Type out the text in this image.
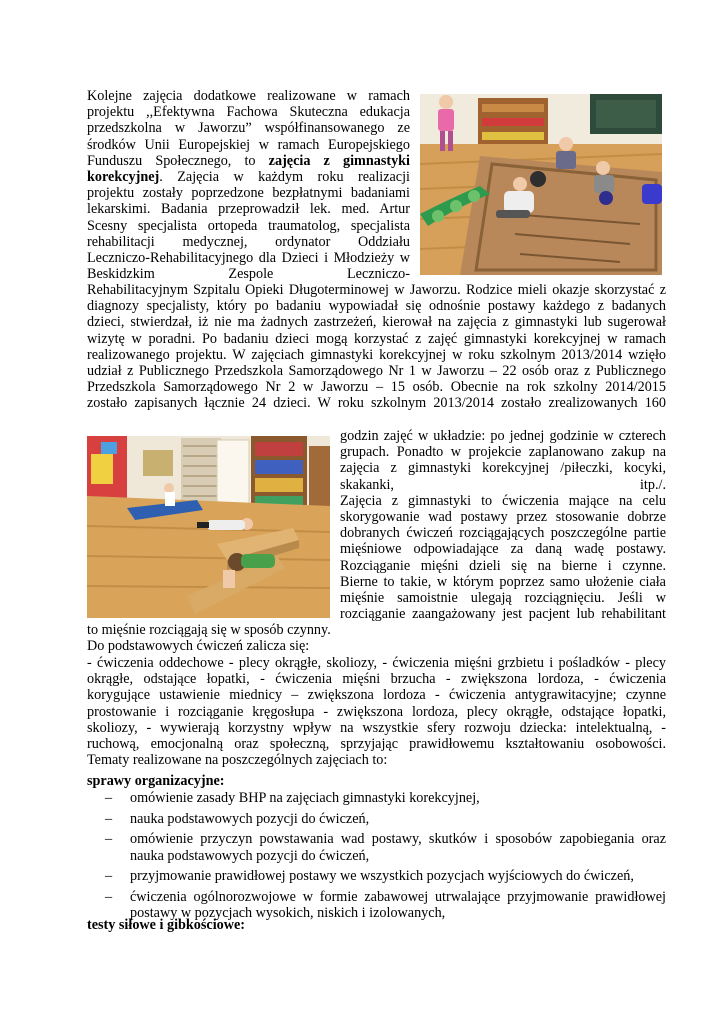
Kolejne zajęcia dodatkowe realizowane w ramach
projektu ,,Efektywna Fachowa Skuteczna edukacja
przedszkolna w Jaworzu” współfinansowanego ze
środków Unii Europejskiej w ramach Europejskiego
Funduszu Społecznego, to zajęcia z gimnastyki
korekcyjnej. Zajęcia w każdym roku realizacji
projektu zostały poprzedzone bezpłatnymi badaniami
lekarskimi. Badania przeprowadził lek. med. Artur
Scesny specjalista ortopeda traumatolog, specjalista
rehabilitacji medycznej, ordynator Oddziału
Leczniczo-Rehabilitacyjnego dla Dzieci i Młodzieży w
Beskidzkim Zespole Leczniczo-
Rehabilitacyjnym Szpitalu Opieki Długoterminowej w Jaworzu. Rodzice mieli okazje skorzystać z
diagnozy specjalisty, który po badaniu wypowiadał się odnośnie postawy każdego z badanych
dzieci, stwierdzał, iż nie ma żadnych zastrzeżeń, kierował na zajęcia z gimnastyki lub sugerował
wizytę w poradni. Po badaniu dzieci mogą korzystać z zajęć gimnastyki korekcyjnej w ramach
realizowanego projektu. W zajęciach gimnastyki korekcyjnej w roku szkolnym 2013/2014 wzięło
udział z Publicznego Przedszkola Samorządowego Nr 1 w Jaworzu – 22 osób oraz z Publicznego
Przedszkola Samorządowego Nr 2 w Jaworzu – 15 osób. Obecnie na rok szkolny 2014/2015
zostało zapisanych łącznie 24 dzieci. W roku szkolnym 2013/2014 zostało zrealizowanych 160
godzin zajęć w układzie: po jednej godzinie w czterech
grupach. Ponadto w projekcie zaplanowano zakup na
zajęcia z gimnastyki korekcyjnej /piłeczki, kocyki,
skakanki, itp./.
Zajęcia z gimnastyki to ćwiczenia mające na celu
skorygowanie wad postawy przez stosowanie dobrze
dobranych ćwiczeń rozciągających poszczególne partie
mięśniowe odpowiadające za daną wadę postawy.
Rozciąganie mięśni dzieli się na bierne i czynne.
Bierne to takie, w którym poprzez samo ułożenie ciała
mięśnie samoistnie ulegają rozciągnięciu. Jeśli w
rozciąganie zaangażowany jest pacjent lub rehabilitant
to mięśnie rozciągają się w sposób czynny.
Do podstawowych ćwiczeń zalicza się:
- ćwiczenia oddechowe - plecy okrągłe, skoliozy, - ćwiczenia mięśni grzbietu i pośladków - plecy
okrągłe, odstające łopatki, - ćwiczenia mięśni brzucha - zwiększona lordoza, - ćwiczenia
korygujące ustawienie miednicy – zwiększona lordoza - ćwiczenia antygrawitacyjne; czynne
prostowanie i rozciąganie kręgosłupa - zwiększona lordoza, plecy okrągłe, odstające łopatki,
skoliozy, - wywierają korzystny wpływ na wszystkie sfery rozwoju dziecka: intelektualną, -
ruchową, emocjonalną oraz społeczną, sprzyjając prawidłowemu kształtowaniu osobowości.
Tematy realizowane na poszczególnych zajęciach to:
sprawy organizacyjne:
– omówienie zasady BHP na zajęciach gimnastyki korekcyjnej,
– nauka podstawowych pozycji do ćwiczeń,
– omówienie przyczyn powstawania wad postawy, skutków i sposobów zapobiegania oraz
nauka podstawowych pozycji do ćwiczeń,
– przyjmowanie prawidłowej postawy we wszystkich pozycjach wyjściowych do ćwiczeń,
– ćwiczenia ogólnorozwojowe w formie zabawowej utrwalające przyjmowanie prawidłowej
postawy w pozycjach wysokich, niskich i izolowanych,
testy siłowe i gibkościowe:
